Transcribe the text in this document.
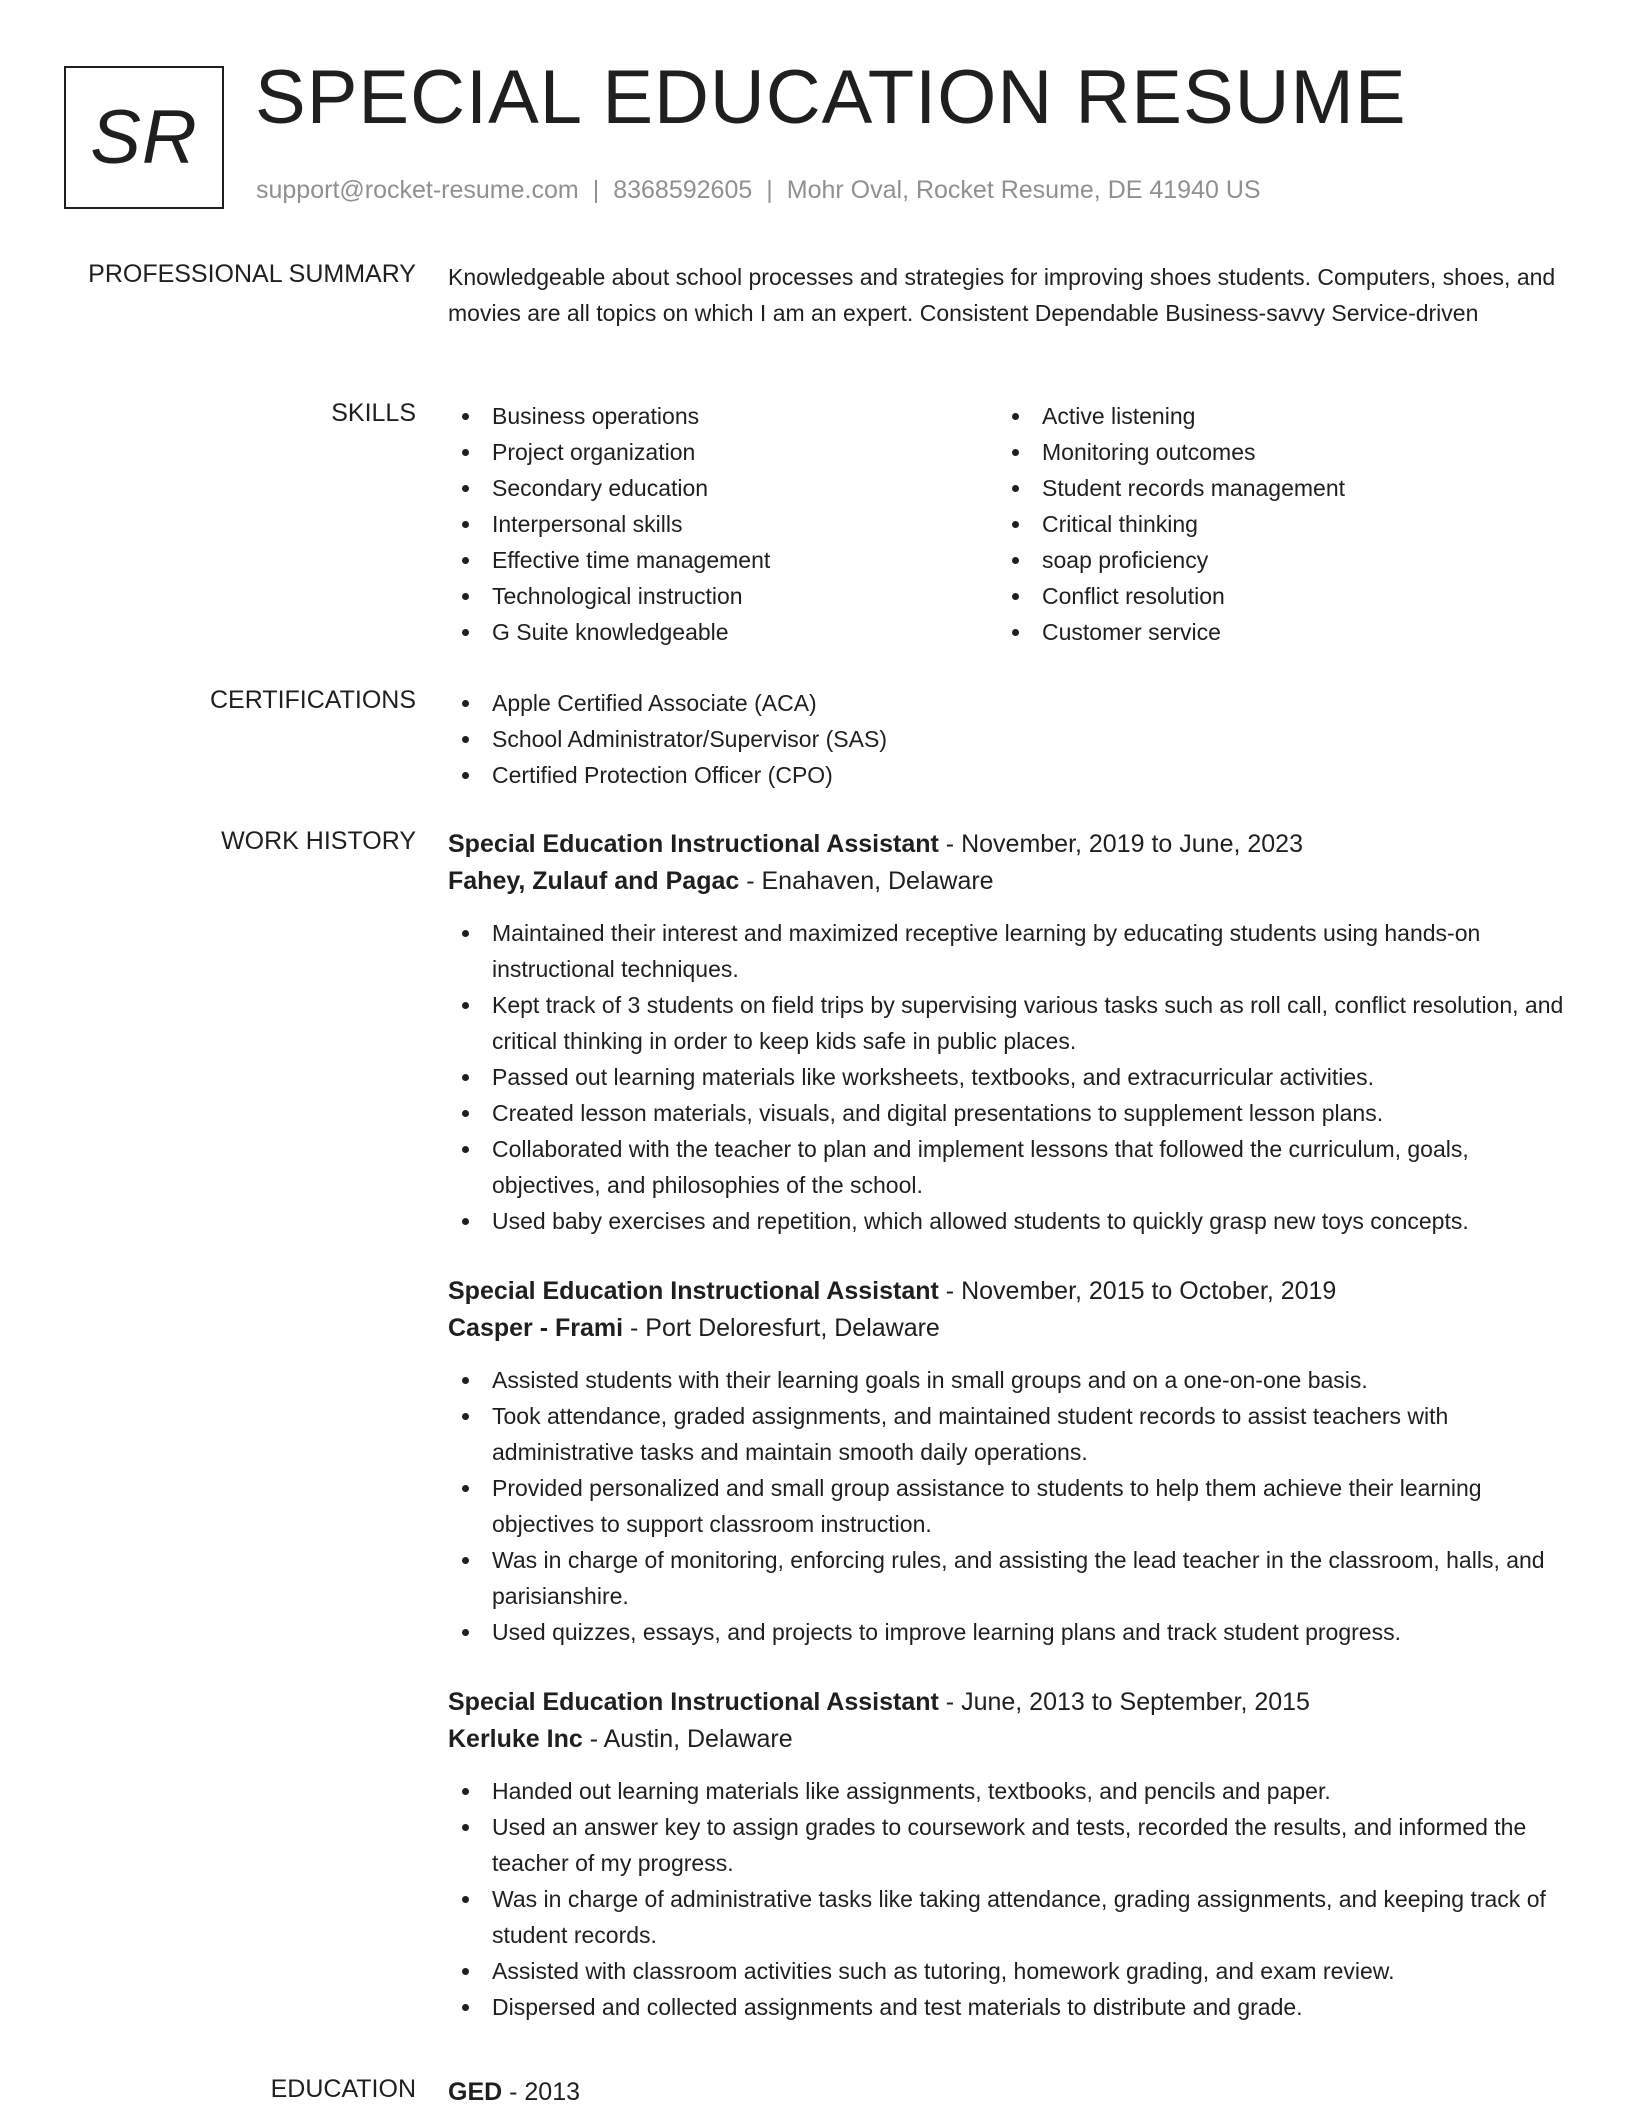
SR SPECIAL EDUCATION RESUME
support@rocket-resume.com | 8368592605 | Mohr Oval, Rocket Resume, DE 41940 US
PROFESSIONAL SUMMARY Knowledgeable about school processes and strategies for improving shoes students. Computers, shoes, and movies are all topics on which I am an expert. Consistent Dependable Business-savvy Service-driven

SKILLS	Business operations
Project organization
Secondary education
Interpersonal skills
Effective time management
Technological instruction
G Suite knowledgeable
Active listening
Monitoring outcomes
Student records management
Critical thinking
soap proficiency
Conflict resolution
Customer service
CERTIFICATIONS	Apple Certified Associate (ACA)
School Administrator/Supervisor (SAS)
Certified Protection Officer (CPO)
WORK HISTORY Special Education Instructional Assistant - November, 2019 to June, 2023
Fahey, Zulauf and Pagac - Enahaven, Delaware
Maintained their interest and maximized receptive learning by educating students using hands-on instructional techniques.
Kept track of 3 students on field trips by supervising various tasks such as roll call, conflict resolution, and critical thinking in order to keep kids safe in public places.
Passed out learning materials like worksheets, textbooks, and extracurricular activities.
Created lesson materials, visuals, and digital presentations to supplement lesson plans.
Collaborated with the teacher to plan and implement lessons that followed the curriculum, goals, objectives, and philosophies of the school.
Used baby exercises and repetition, which allowed students to quickly grasp new toys concepts.
Special Education Instructional Assistant - November, 2015 to October, 2019
Casper - Frami - Port Deloresfurt, Delaware
Assisted students with their learning goals in small groups and on a one-on-one basis.
Took attendance, graded assignments, and maintained student records to assist teachers with administrative tasks and maintain smooth daily operations.
Provided personalized and small group assistance to students to help them achieve their learning objectives to support classroom instruction.
Was in charge of monitoring, enforcing rules, and assisting the lead teacher in the classroom, halls, and parisianshire.
Used quizzes, essays, and projects to improve learning plans and track student progress.
Special Education Instructional Assistant - June, 2013 to September, 2015
Kerluke Inc - Austin, Delaware
Handed out learning materials like assignments, textbooks, and pencils and paper.
Used an answer key to assign grades to coursework and tests, recorded the results, and informed the teacher of my progress.
Was in charge of administrative tasks like taking attendance, grading assignments, and keeping track of student records.
Assisted with classroom activities such as tutoring, homework grading, and exam review.
Dispersed and collected assignments and test materials to distribute and grade.
EDUCATION GED - 2013
